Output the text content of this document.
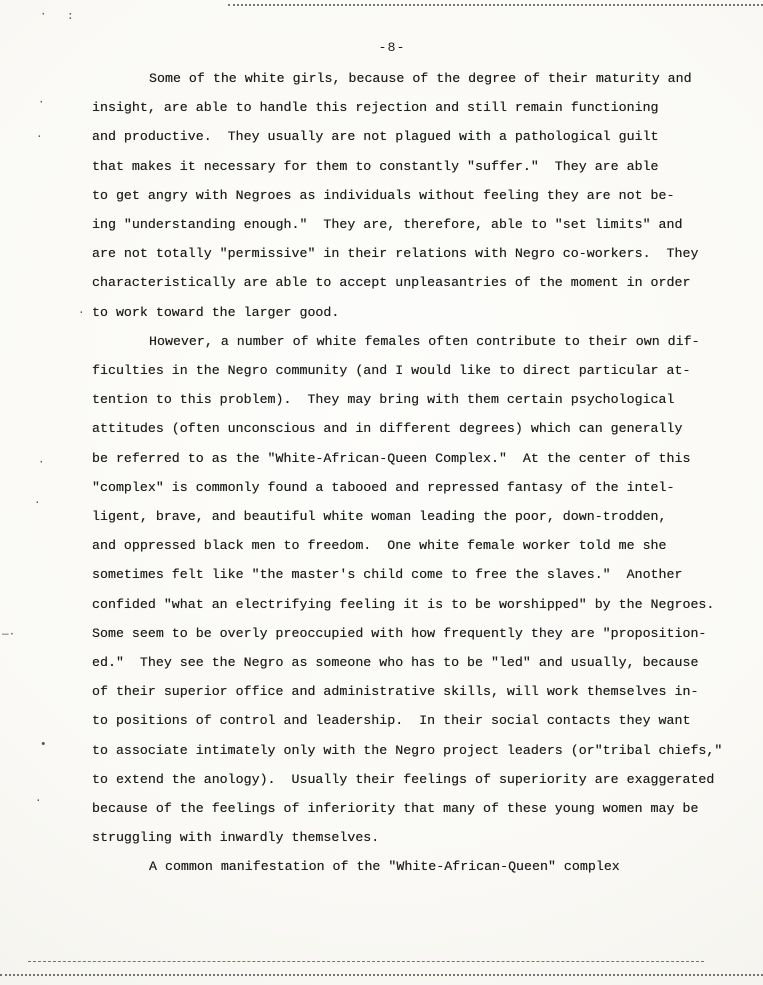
-8-
Some of the white girls, because of the degree of their maturity and
insight, are able to handle this rejection and still remain functioning
and productive.  They usually are not plagued with a pathological guilt
that makes it necessary for them to constantly "suffer."  They are able
to get angry with Negroes as individuals without feeling they are not be-
ing "understanding enough."  They are, therefore, able to "set limits" and
are not totally "permissive" in their relations with Negro co-workers.  They
characteristically are able to accept unpleasantries of the moment in order
to work toward the larger good.
However, a number of white females often contribute to their own dif-
ficulties in the Negro community (and I would like to direct particular at-
tention to this problem).  They may bring with them certain psychological
attitudes (often unconscious and in different degrees) which can generally
be referred to as the "White-African-Queen Complex."  At the center of this
"complex" is commonly found a tabooed and repressed fantasy of the intel-
ligent, brave, and beautiful white woman leading the poor, down-trodden,
and oppressed black men to freedom.  One white female worker told me she
sometimes felt like "the master's child come to free the slaves."  Another
confided "what an electrifying feeling it is to be worshipped" by the Negroes.
Some seem to be overly preoccupied with how frequently they are "proposition-
ed."  They see the Negro as someone who has to be "led" and usually, because
of their superior office and administrative skills, will work themselves in-
to positions of control and leadership.  In their social contacts they want
to associate intimately only with the Negro project leaders (or"tribal chiefs,"
to extend the anology).  Usually their feelings of superiority are exaggerated
because of the feelings of inferiority that many of these young women may be
struggling with inwardly themselves.
A common manifestation of the "White-African-Queen" complex
· :
·
.
.
·
.
—·
•
.
